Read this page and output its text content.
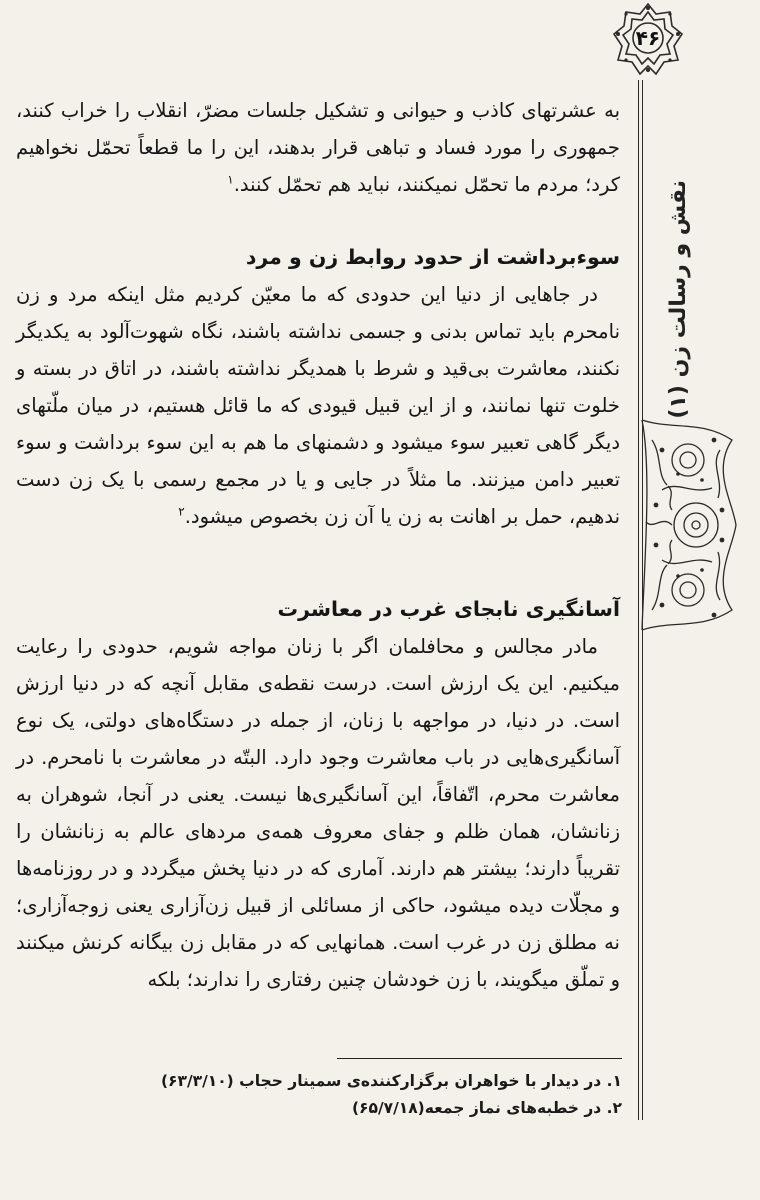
۴۶
نقش و رسالت زن (۱)

به عشرتهای کاذب و حیوانی و تشکیل جلسات مضرّ، انقلاب را خراب کنند، جمهوری را مورد فساد و تباهی قرار بدهند، این را ما قطعاً تحمّل نخواهیم کرد؛ مردم ما تحمّل نمیکنند، نباید هم تحمّل کنند.$^۱$

سوءبرداشت از حدود روابط زن و مرد

در جاهایی از دنیا این حدودی که ما معیّن کردیم مثل اینکه مرد و زن نامحرم باید تماس بدنی و جسمی نداشته باشند، نگاه شهوت‌آلود به یکدیگر نکنند، معاشرت بی‌قید و شرط با همدیگر نداشته باشند، در اتاق در بسته و خلوت تنها نمانند، و از این قبیل قیودی که ما قائل هستیم، در میان ملّتهای دیگر گاهی تعبیر سوء میشود و دشمنهای ما هم به این سوء برداشت و سوء تعبیر دامن میزنند. ما مثلاً در جایی و یا در مجمع رسمی با یک زن دست ندهیم، حمل بر اهانت به زن یا آن زن بخصوص میشود.$^۲$

آسانگیری نابجای غرب در معاشرت

مادر مجالس و محافلمان اگر با زنان مواجه شویم، حدودی را رعایت میکنیم. این یک ارزش است. درست نقطه‌ی مقابل آنچه که در دنیا ارزش است. در دنیا، در مواجهه با زنان، از جمله در دستگاه‌های دولتی، یک نوع آسانگیری‌هایی در باب معاشرت وجود دارد. البتّه در معاشرت با نامحرم. در معاشرت محرم، اتّفاقاً، این آسانگیری‌ها نیست. یعنی در آنجا، شوهران به زنانشان، همان ظلم و جفای معروف همه‌ی مردهای عالم به زنانشان را تقریباً دارند؛ بیشتر هم دارند. آماری که در دنیا پخش میگردد و در روزنامه‌ها و مجلّات دیده میشود، حاکی از مسائلی از قبیل زن‌آزاری یعنی زوجه‌آزاری؛ نه مطلق زن در غرب است. همانهایی که در مقابل زن بیگانه کرنش میکنند و تملّق میگویند، با زن خودشان چنین رفتاری را ندارند؛ بلکه

۱. در دیدار با خواهران برگزارکننده‌ی سمینار حجاب (۶۳/۳/۱۰)

۲. در خطبه‌های نماز جمعه(۶۵/۷/۱۸)
